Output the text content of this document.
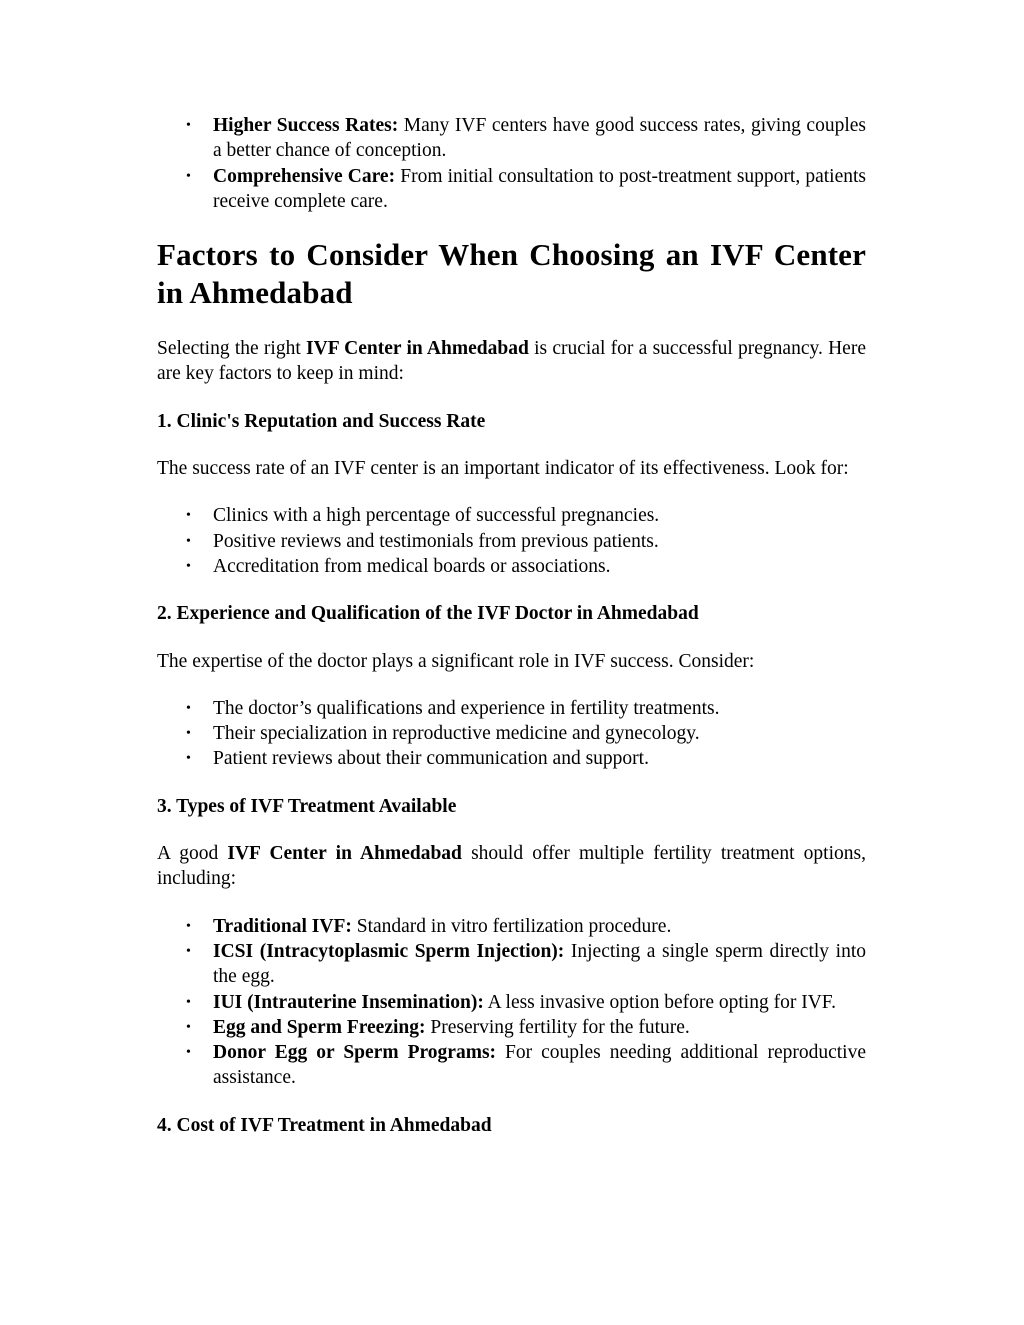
• Higher Success Rates: Many IVF centers have good success rates, giving couples a better chance of conception.
• Comprehensive Care: From initial consultation to post-treatment support, patients receive complete care.
Factors to Consider When Choosing an IVF Center in Ahmedabad

Selecting the right IVF Center in Ahmedabad is crucial for a successful pregnancy. Here are key factors to keep in mind:

1. Clinic's Reputation and Success Rate

The success rate of an IVF center is an important indicator of its effectiveness. Look for:

• Clinics with a high percentage of successful pregnancies.
• Positive reviews and testimonials from previous patients.
• Accreditation from medical boards or associations.
2. Experience and Qualification of the IVF Doctor in Ahmedabad

The expertise of the doctor plays a significant role in IVF success. Consider:

• The doctor’s qualifications and experience in fertility treatments.
• Their specialization in reproductive medicine and gynecology.
• Patient reviews about their communication and support.
3. Types of IVF Treatment Available

A good IVF Center in Ahmedabad should offer multiple fertility treatment options, including:

• Traditional IVF: Standard in vitro fertilization procedure.
• ICSI (Intracytoplasmic Sperm Injection): Injecting a single sperm directly into the egg.
• IUI (Intrauterine Insemination): A less invasive option before opting for IVF.
• Egg and Sperm Freezing: Preserving fertility for the future.
• Donor Egg or Sperm Programs: For couples needing additional reproductive assistance.
4. Cost of IVF Treatment in Ahmedabad
